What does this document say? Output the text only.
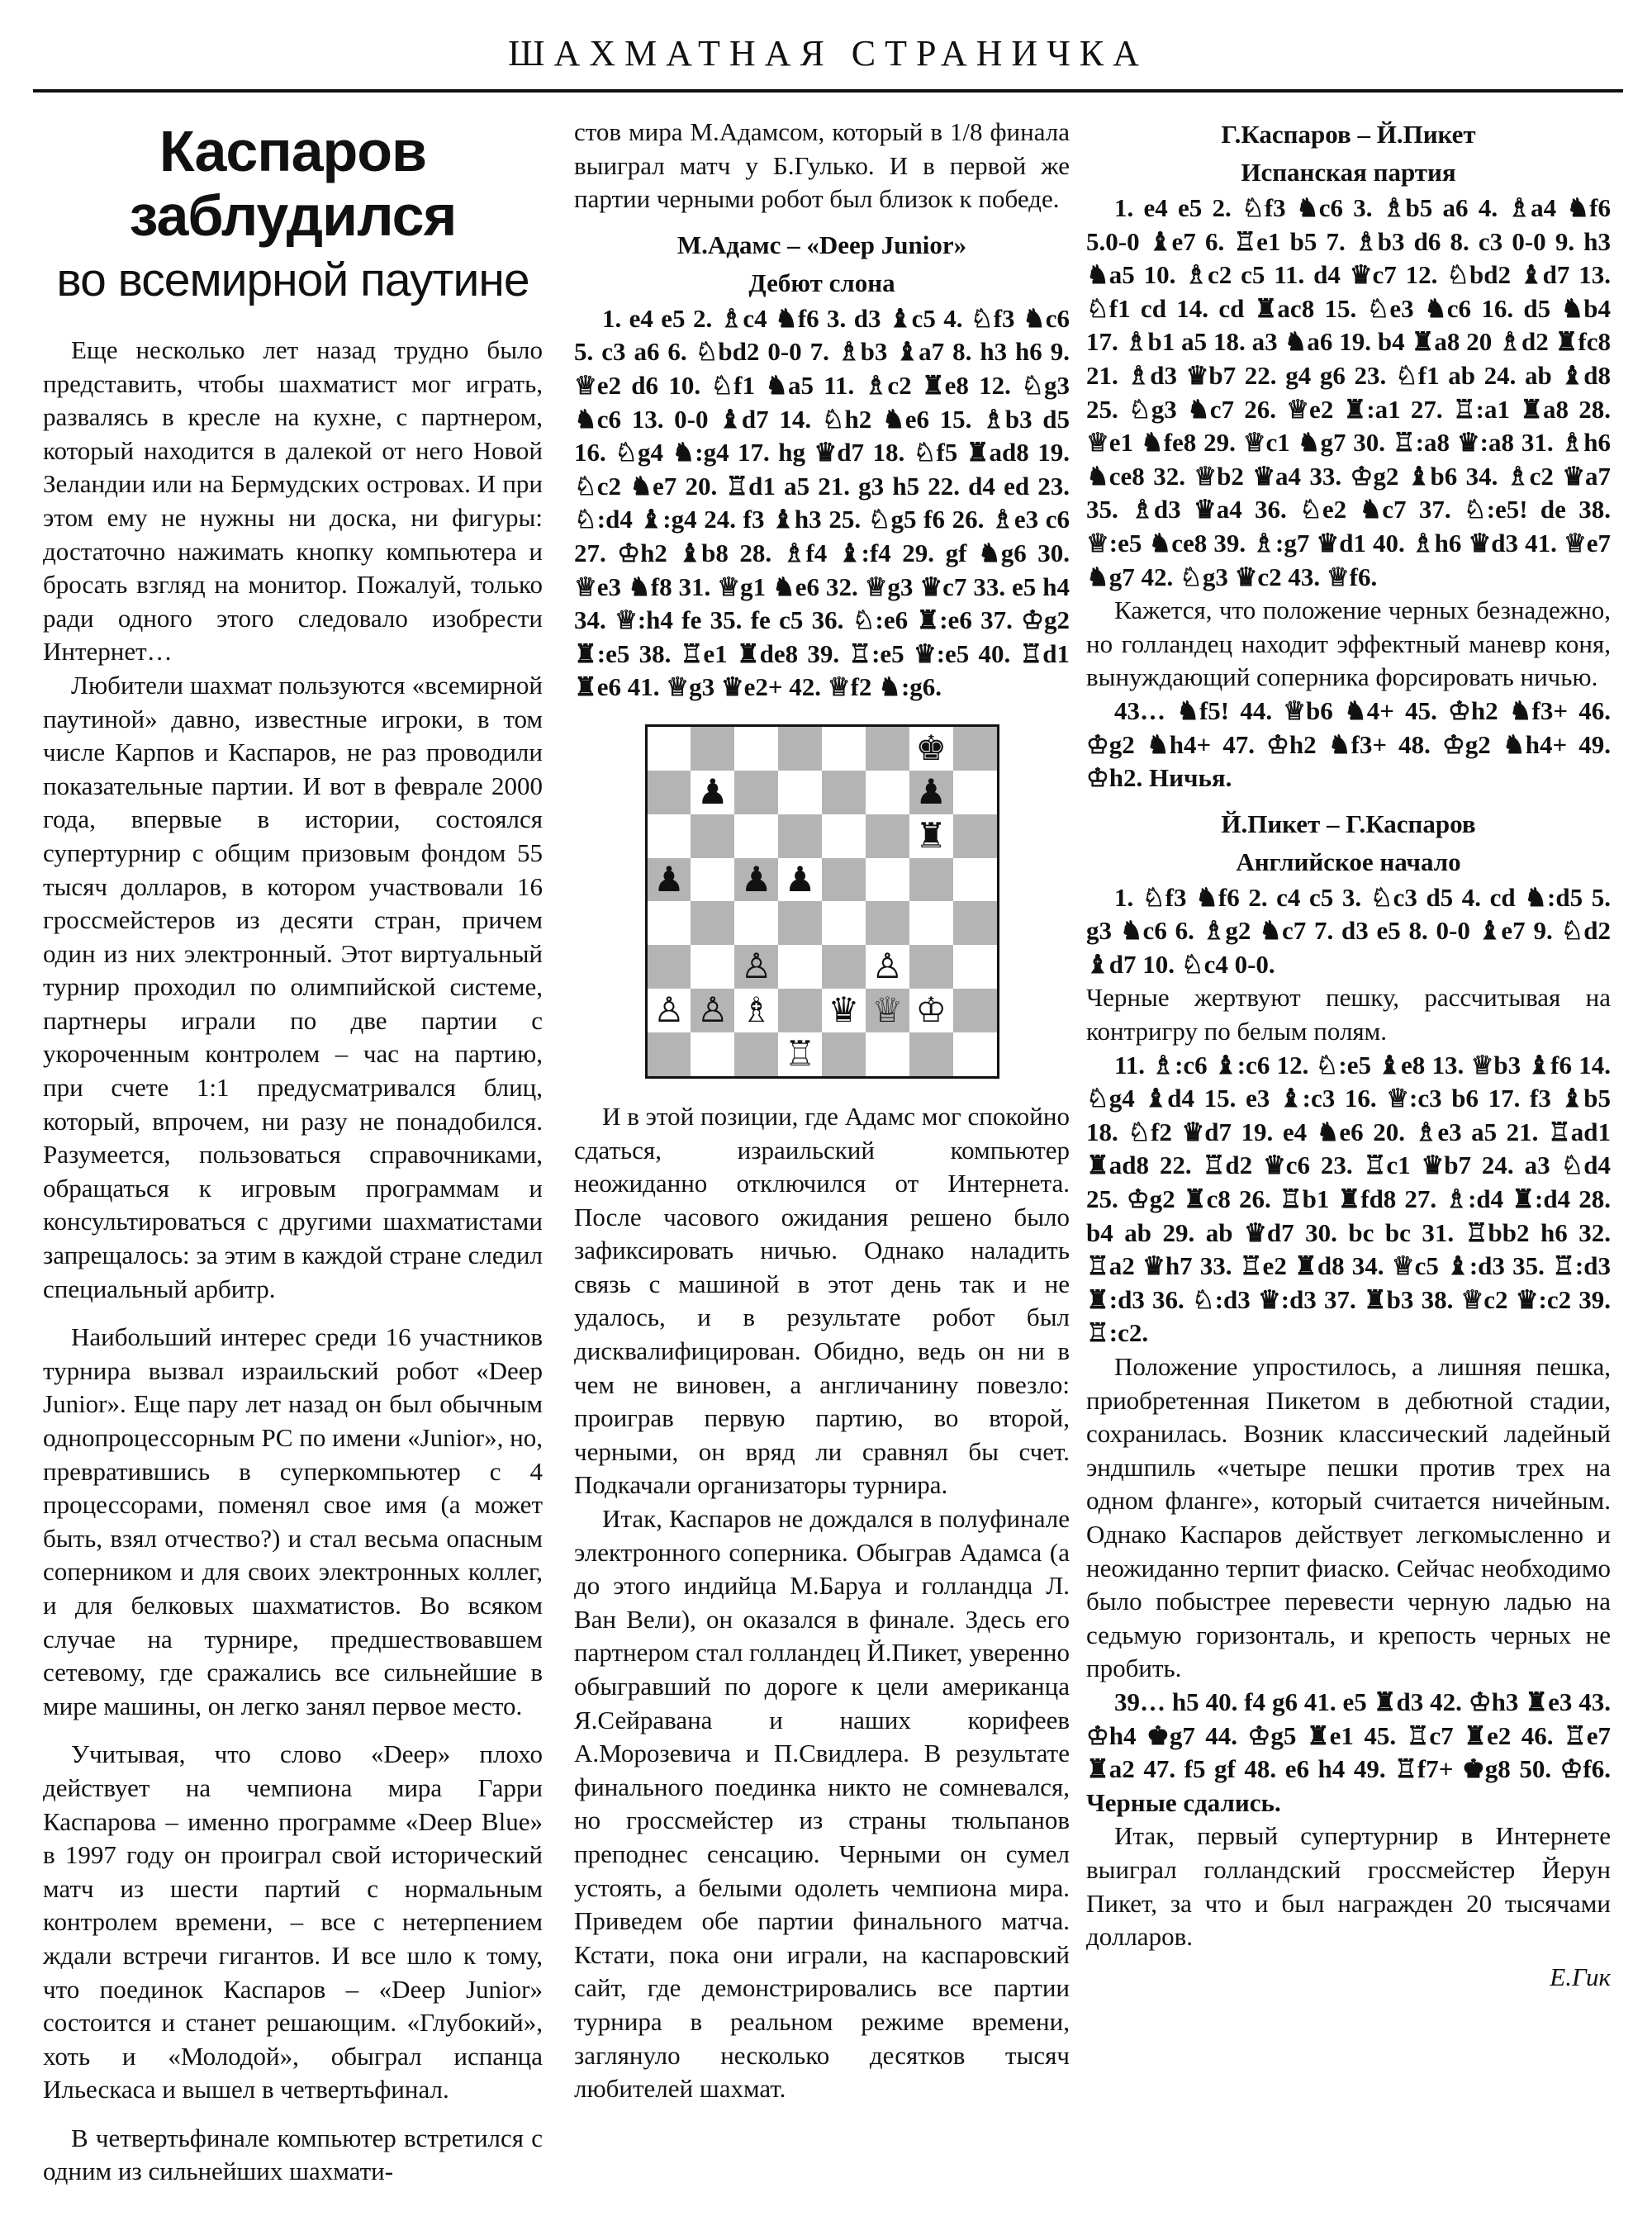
ШАХМАТНАЯ СТРАНИЧКА
Каспаров заблудился
во всемирной паутине

Еще несколько лет назад трудно было представить, чтобы шахматист мог играть, развалясь в кресле на кухне, с партнером, который находится в далекой от него Новой Зеландии или на Бермудских островах. И при этом ему не нужны ни доска, ни фигуры: достаточно нажимать кнопку компьютера и бросать взгляд на монитор. Пожалуй, только ради одного этого следовало изобрести Интернет…

Любители шахмат пользуются «всемирной паутиной» давно, известные игроки, в том числе Карпов и Каспаров, не раз проводили показательные партии. И вот в феврале 2000 года, впервые в истории, состоялся супертурнир с общим призовым фондом 55 тысяч долларов, в котором участвовали 16 гроссмейстеров из десяти стран, причем один из них электронный. Этот виртуальный турнир проходил по олимпийской системе, партнеры играли по две партии с укороченным контролем – час на партию, при счете 1:1 предусматривался блиц, который, впрочем, ни разу не понадобился. Разумеется, пользоваться справочниками, обращаться к игровым программам и консультироваться с другими шахматистами запрещалось: за этим в каждой стране следил специальный арбитр.

Наибольший интерес среди 16 участников турнира вызвал израильский робот «Deep Junior». Еще пару лет назад он был обычным однопроцессорным PC по имени «Junior», но, превратившись в суперкомпьютер с 4 процессорами, поменял свое имя (а может быть, взял отчество?) и стал весьма опасным соперником и для своих электронных коллег, и для белковых шахматистов. Во всяком случае на турнире, предшествовавшем сетевому, где сражались все сильнейшие в мире машины, он легко занял первое место.

Учитывая, что слово «Deep» плохо действует на чемпиона мира Гарри Каспарова – именно программе «Deep Blue» в 1997 году он проиграл свой исторический матч из шести партий с нормальным контролем времени, – все с нетерпением ждали встречи гигантов. И все шло к тому, что поединок Каспаров – «Deep Junior» состоится и станет решающим. «Глубокий», хоть и «Молодой», обыграл испанца Ильескаса и вышел в четвертьфинал.

В четвертьфинале компьютер встретился с одним из сильнейших шахмати-

стов мира М.Адамсом, который в 1/8 финала выиграл матч у Б.Гулько. И в первой же партии черными робот был близок к победе.

М.Адамс – «Deep Junior»
Дебют слона

1. e4 e5 2. ♗c4 ♞f6 3. d3 ♝c5 4. ♘f3 ♞c6 5. c3 a6 6. ♘bd2 0-0 7. ♗b3 ♝a7 8. h3 h6 9. ♕e2 d6 10. ♘f1 ♞a5 11. ♗c2 ♜e8 12. ♘g3 ♞c6 13. 0-0 ♝d7 14. ♘h2 ♞e6 15. ♗b3 d5 16. ♘g4 ♞:g4 17. hg ♛d7 18. ♘f5 ♜ad8 19. ♘c2 ♞e7 20. ♖d1 a5 21. g3 h5 22. d4 ed 23. ♘:d4 ♝:g4 24. f3 ♝h3 25. ♘g5 f6 26. ♗e3 c6 27. ♔h2 ♝b8 28. ♗f4 ♝:f4 29. gf ♞g6 30. ♕e3 ♞f8 31. ♕g1 ♞e6 32. ♕g3 ♛c7 33. e5 h4 34. ♕:h4 fe 35. fe c5 36. ♘:e6 ♜:e6 37. ♔g2 ♜:e5 38. ♖e1 ♜de8 39. ♖:e5 ♛:e5 40. ♖d1 ♜e6 41. ♕g3 ♛e2+ 42. ♕f2 ♞:g6.

♚
♟	♟
♜
♟ ♟ ♟
♙	♙
♙ ♙ ♗ ♛ ♕ ♔
♖

И в этой позиции, где Адамс мог спокойно сдаться, израильский компьютер неожиданно отключился от Интернета. После часового ожидания решено было зафиксировать ничью. Однако наладить связь с машиной в этот день так и не удалось, и в результате робот был дисквалифицирован. Обидно, ведь он ни в чем не виновен, а англичанину повезло: проиграв первую партию, во второй, черными, он вряд ли сравнял бы счет. Подкачали организаторы турнира.

Итак, Каспаров не дождался в полуфинале электронного соперника. Обыграв Адамса (а до этого индийца М.Баруа и голландца Л. Ван Вели), он оказался в финале. Здесь его партнером стал голландец Й.Пикет, уверенно обыгравший по дороге к цели американца Я.Сейравана и наших корифеев А.Морозевича и П.Свидлера. В результате финального поединка никто не сомневался, но гроссмейстер из страны тюльпанов преподнес сенсацию. Черными он сумел устоять, а белыми одолеть чемпиона мира. Приведем обе партии финального матча. Кстати, пока они играли, на каспаровский сайт, где демонстрировались все партии турнира в реальном режиме времени, заглянуло несколько десятков тысяч любителей шахмат.

Г.Каспаров – Й.Пикет
Испанская партия

1. e4 e5 2. ♘f3 ♞c6 3. ♗b5 a6 4. ♗a4 ♞f6 5.0-0 ♝e7 6. ♖e1 b5 7. ♗b3 d6 8. c3 0-0 9. h3 ♞a5 10. ♗c2 c5 11. d4 ♛c7 12. ♘bd2 ♝d7 13. ♘f1 cd 14. cd ♜ac8 15. ♘e3 ♞c6 16. d5 ♞b4 17. ♗b1 a5 18. a3 ♞a6 19. b4 ♜a8 20 ♗d2 ♜fc8 21. ♗d3 ♛b7 22. g4 g6 23. ♘f1 ab 24. ab ♝d8 25. ♘g3 ♞c7 26. ♕e2 ♜:a1 27. ♖:a1 ♜a8 28. ♕e1 ♞fe8 29. ♕c1 ♞g7 30. ♖:a8 ♛:a8 31. ♗h6 ♞ce8 32. ♕b2 ♛a4 33. ♔g2 ♝b6 34. ♗c2 ♛a7 35. ♗d3 ♛a4 36. ♘e2 ♞c7 37. ♘:e5! de 38. ♕:e5 ♞ce8 39. ♗:g7 ♛d1 40. ♗h6 ♛d3 41. ♕e7 ♞g7 42. ♘g3 ♛c2 43. ♕f6.

Кажется, что положение черных безнадежно, но голландец находит эффектный маневр коня, вынуждающий соперника форсировать ничью.

43… ♞f5! 44. ♕b6 ♞4+ 45. ♔h2 ♞f3+ 46. ♔g2 ♞h4+ 47. ♔h2 ♞f3+ 48. ♔g2 ♞h4+ 49. ♔h2. Ничья.

Й.Пикет – Г.Каспаров
Английское начало

1. ♘f3 ♞f6 2. c4 c5 3. ♘c3 d5 4. cd ♞:d5 5. g3 ♞c6 6. ♗g2 ♞c7 7. d3 e5 8. 0-0 ♝e7 9. ♘d2 ♝d7 10. ♘c4 0-0.

Черные жертвуют пешку, рассчитывая на контригру по белым полям.

11. ♗:c6 ♝:c6 12. ♘:e5 ♝e8 13. ♕b3 ♝f6 14. ♘g4 ♝d4 15. e3 ♝:c3 16. ♕:c3 b6 17. f3 ♝b5 18. ♘f2 ♛d7 19. e4 ♞e6 20. ♗e3 a5 21. ♖ad1 ♜ad8 22. ♖d2 ♛c6 23. ♖c1 ♛b7 24. a3 ♘d4 25. ♔g2 ♜c8 26. ♖b1 ♜fd8 27. ♗:d4 ♜:d4 28. b4 ab 29. ab ♛d7 30. bc bc 31. ♖bb2 h6 32. ♖a2 ♛h7 33. ♖e2 ♜d8 34. ♕c5 ♝:d3 35. ♖:d3 ♜:d3 36. ♘:d3 ♛:d3 37. ♜b3 38. ♕c2 ♛:c2 39. ♖:c2.

Положение упростилось, а лишняя пешка, приобретенная Пикетом в дебютной стадии, сохранилась. Возник классический ладейный эндшпиль «четыре пешки против трех на одном фланге», который считается ничейным. Однако Каспаров действует легкомысленно и неожиданно терпит фиаско. Сейчас необходимо было побыстрее перевести черную ладью на седьмую горизонталь, и крепость черных не пробить.

39… h5 40. f4 g6 41. e5 ♜d3 42. ♔h3 ♜e3 43. ♔h4 ♚g7 44. ♔g5 ♜e1 45. ♖c7 ♜e2 46. ♖e7 ♜a2 47. f5 gf 48. e6 h4 49. ♖f7+ ♚g8 50. ♔f6. Черные сдались.

Итак, первый супертурнир в Интернете выиграл голландский гроссмейстер Йерун Пикет, за что и был награжден 20 тысячами долларов.

Е.Гик
